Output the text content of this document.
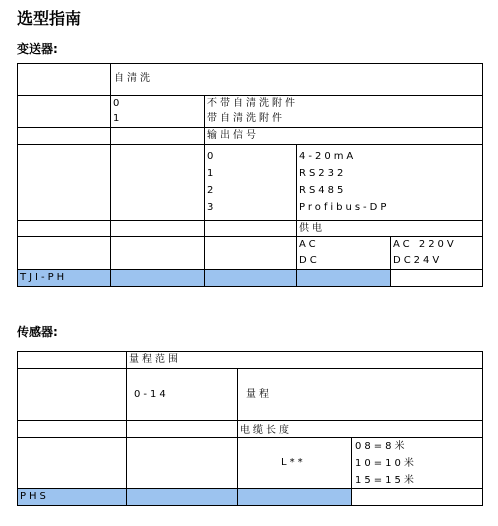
选型指南
变送器:
自清洗
0
1
不带自清洗附件
带自清洗附件
输出信号
0
1
2
3
4-20mA
RS232
RS485
Profibus-DP
供电
AC
DC
AC 220V
DC24V
TJI-PH
传感器:
量程范围
0-14	量程
电缆长度
L**
08=8米
10=10米
15=15米
PHS
